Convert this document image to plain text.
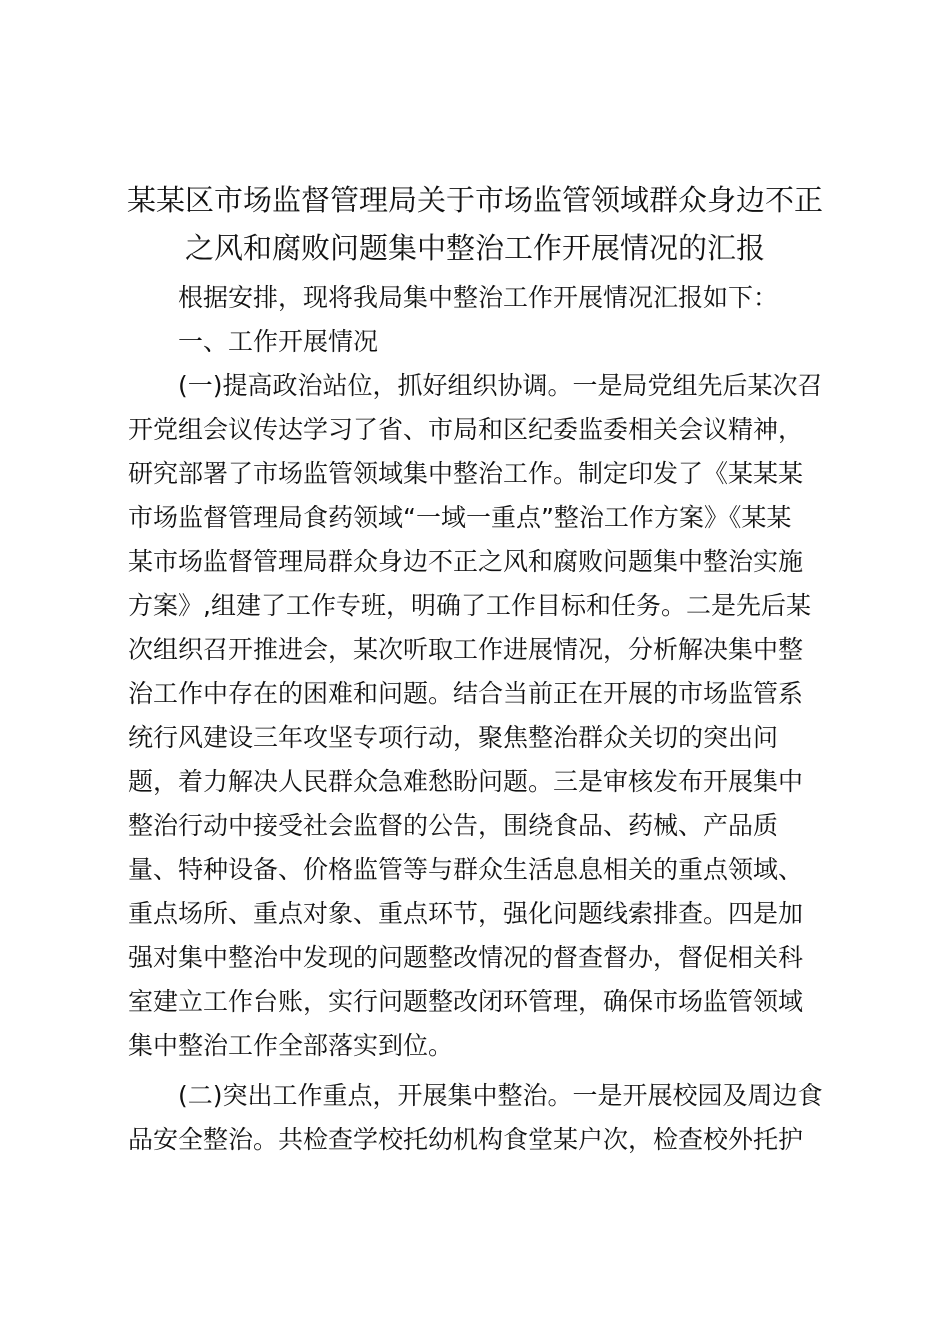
某某区市场监督管理局关于市场监管领域群众身边不正
之风和腐败问题集中整治工作开展情况的汇报

根据安排，现将我局集中整治工作开展情况汇报如下：

一、工作开展情况

(一)提高政治站位，抓好组织协调。一是局党组先后某次召

开党组会议传达学习了省、市局和区纪委监委相关会议精神，

研究部署了市场监管领域集中整治工作。制定印发了《某某某

市场监督管理局食药领域“一域一重点”整治工作方案》《某某

某市场监督管理局群众身边不正之风和腐败问题集中整治实施

方案》,组建了工作专班，明确了工作目标和任务。二是先后某

次组织召开推进会，某次听取工作进展情况，分析解决集中整

治工作中存在的困难和问题。结合当前正在开展的市场监管系

统行风建设三年攻坚专项行动，聚焦整治群众关切的突出问

题，着力解决人民群众急难愁盼问题。三是审核发布开展集中

整治行动中接受社会监督的公告，围绕食品、药械、产品质

量、特种设备、价格监管等与群众生活息息相关的重点领域、

重点场所、重点对象、重点环节，强化问题线索排查。四是加

强对集中整治中发现的问题整改情况的督查督办，督促相关科

室建立工作台账，实行问题整改闭环管理，确保市场监管领域

集中整治工作全部落实到位。

(二)突出工作重点，开展集中整治。一是开展校园及周边食

品安全整治。共检查学校托幼机构食堂某户次，检查校外托护
